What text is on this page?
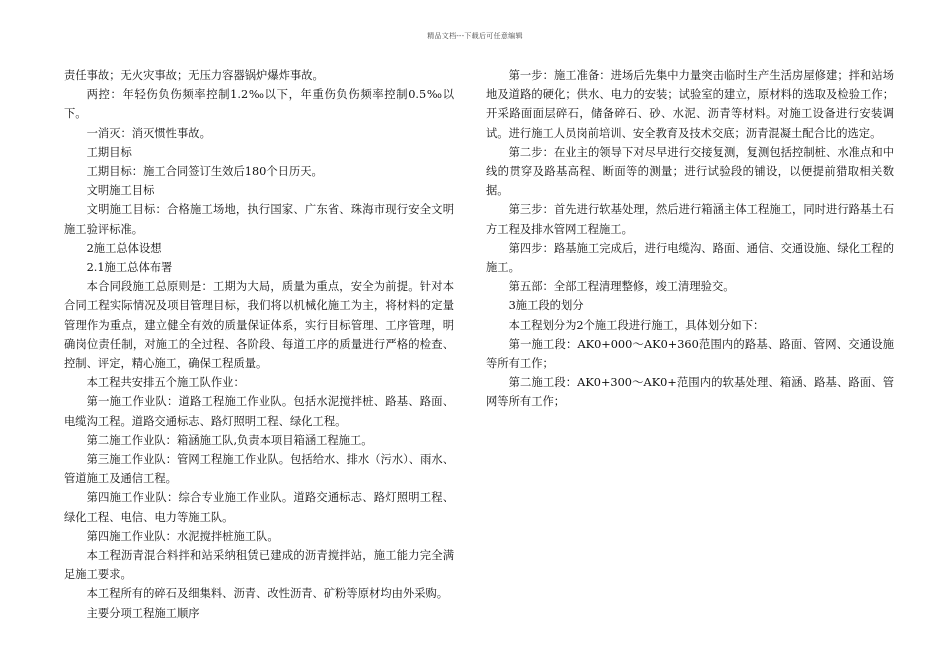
精品文档---下载后可任意编辑

责任事故；无火灾事故；无压力容器锅炉爆炸事故。

两控：年轻伤负伤频率控制1.2‰以下，年重伤负伤频率控制0.5‰以下。

一消灭：消灭惯性事故。

工期目标

工期目标：施工合同签订生效后180个日历天。

文明施工目标

文明施工目标：合格施工场地，执行国家、广东省、珠海市现行安全文明施工验评标准。

2施工总体设想

2.1施工总体布署

本合同段施工总原则是：工期为大局，质量为重点，安全为前提。针对本合同工程实际情况及项目管理目标，我们将以机械化施工为主，将材料的定量管理作为重点，建立健全有效的质量保证体系，实行目标管理、工序管理，明确岗位责任制，对施工的全过程、各阶段、每道工序的质量进行严格的检查、控制、评定，精心施工，确保工程质量。

本工程共安排五个施工队作业：

第一施工作业队：道路工程施工作业队。包括水泥搅拌桩、路基、路面、电缆沟工程。道路交通标志、路灯照明工程、绿化工程。

第二施工作业队：箱涵施工队,负责本项目箱涵工程施工。

第三施工作业队：管网工程施工作业队。包括给水、排水（污水）、雨水、管道施工及通信工程。

第四施工作业队：综合专业施工作业队。道路交通标志、路灯照明工程、绿化工程、电信、电力等施工队。

第四施工作业队：水泥搅拌桩施工队。

本工程沥青混合料拌和站采纳租赁已建成的沥青搅拌站，施工能力完全满足施工要求。

本工程所有的碎石及细集料、沥青、改性沥青、矿粉等原材均由外采购。

主要分项工程施工顺序

第一步：施工准备：进场后先集中力量突击临时生产生活房屋修建；拌和站场地及道路的硬化；供水、电力的安装；试验室的建立，原材料的选取及检验工作；开采路面面层碎石，储备碎石、砂、水泥、沥青等材料。对施工设备进行安装调试。进行施工人员岗前培训、安全教育及技术交底；沥青混凝土配合比的选定。

第二步：在业主的领导下对尽早进行交接复测，复测包括控制桩、水准点和中线的贯穿及路基高程、断面等的测量；进行试验段的铺设，以便提前猎取相关数据。

第三步：首先进行软基处理，然后进行箱涵主体工程施工，同时进行路基土石方工程及排水管网工程施工。

第四步：路基施工完成后，进行电缆沟、路面、通信、交通设施、绿化工程的施工。

第五部：全部工程清理整修，竣工清理验交。

3施工段的划分

本工程划分为2个施工段进行施工，具体划分如下：

第一施工段：AK0+000～AK0+360范围内的路基、路面、管网、交通设施等所有工作；

第二施工段：AK0+300～AK0+范围内的软基处理、箱涵、路基、路面、管网等所有工作；
